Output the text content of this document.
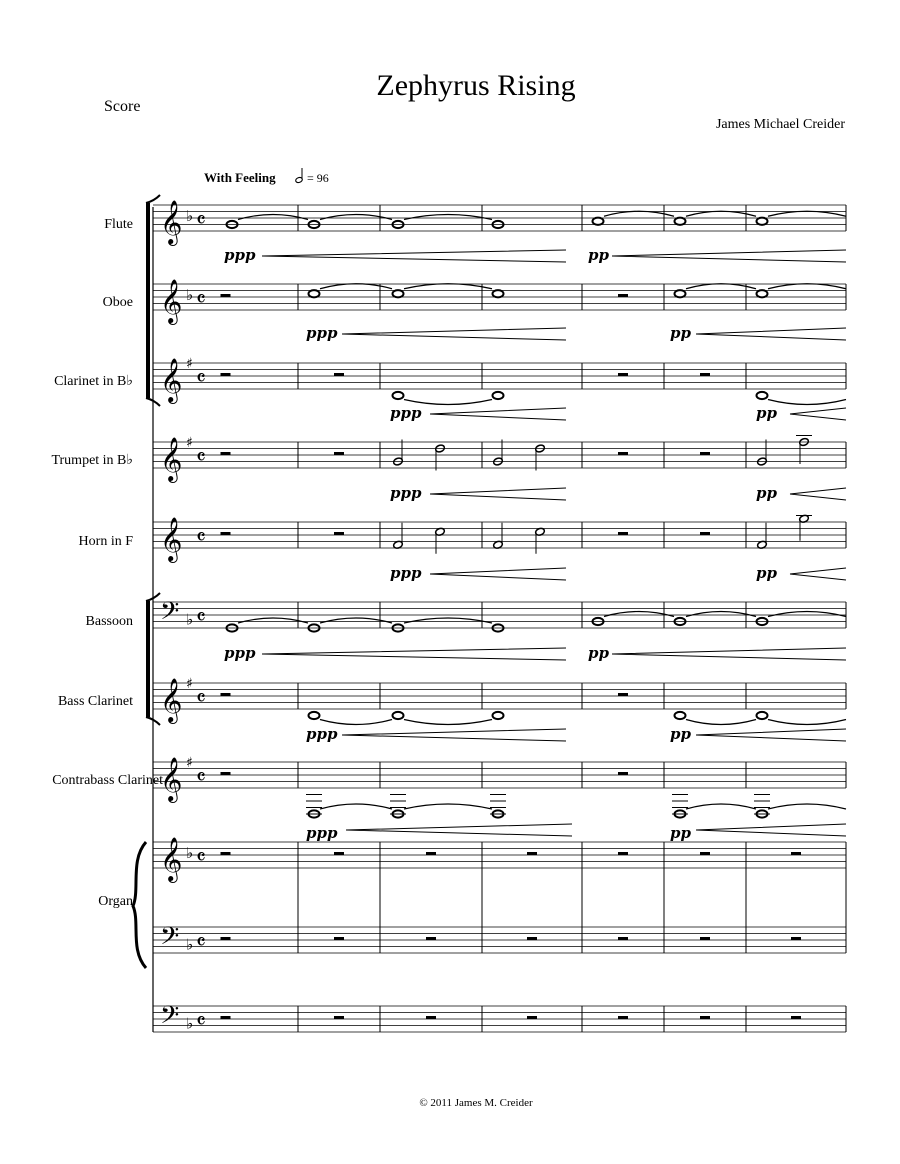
Score
Zephyrus Rising
James Michael Creider
With Feeling	= 96
Flute
Oboe
Clarinet in B♭
Trumpet in B♭
Horn in F
Bassoon
Bass Clarinet
Contrabass Clarinet
Organ
𝄞 ♭ 𝄴
ppp	pp
𝄞 ♭ 𝄴
ppp	pp
𝄞 ♯
𝄴
ppp	pp
𝄞 ♯
𝄴
ppp	pp
𝄞 𝄴
ppp	pp
𝄢 ♭ 𝄴
ppp	pp
𝄞 ♯
𝄴
ppp	pp
𝄞 ♯
𝄴
ppp	pp
𝄞 ♭ 𝄴
𝄢 ♭ 𝄴
𝄢 ♭ 𝄴
© 2011 James M. Creider
